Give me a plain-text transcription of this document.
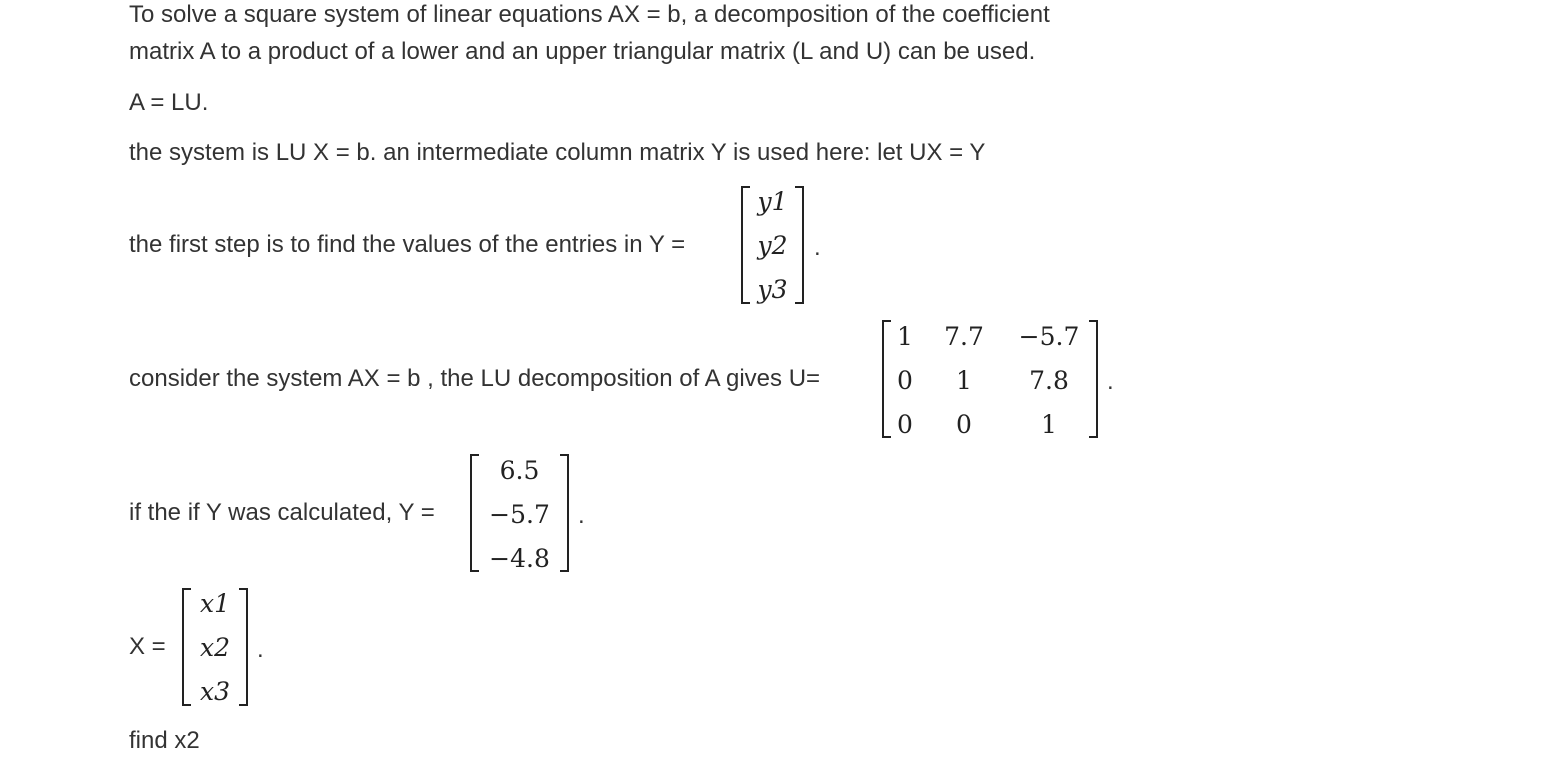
To solve a square system of linear equations AX = b, a decomposition of the coefficient
matrix A to a product of a lower and an upper triangular matrix (L and U) can be used.
A = LU.
the system is LU X = b. an intermediate column matrix Y is used here: let UX = Y
the first step is to find the values of the entries in Y =
y1
y2
y3
.
consider the system AX = b , the LU decomposition of A gives U=
1 7.7	−5.7
0	1	7.8
0	0	1
.
if the if Y was calculated, Y =
6.5
−5.7
−4.8
.
X =
x1
x2
x3
.
find x2
